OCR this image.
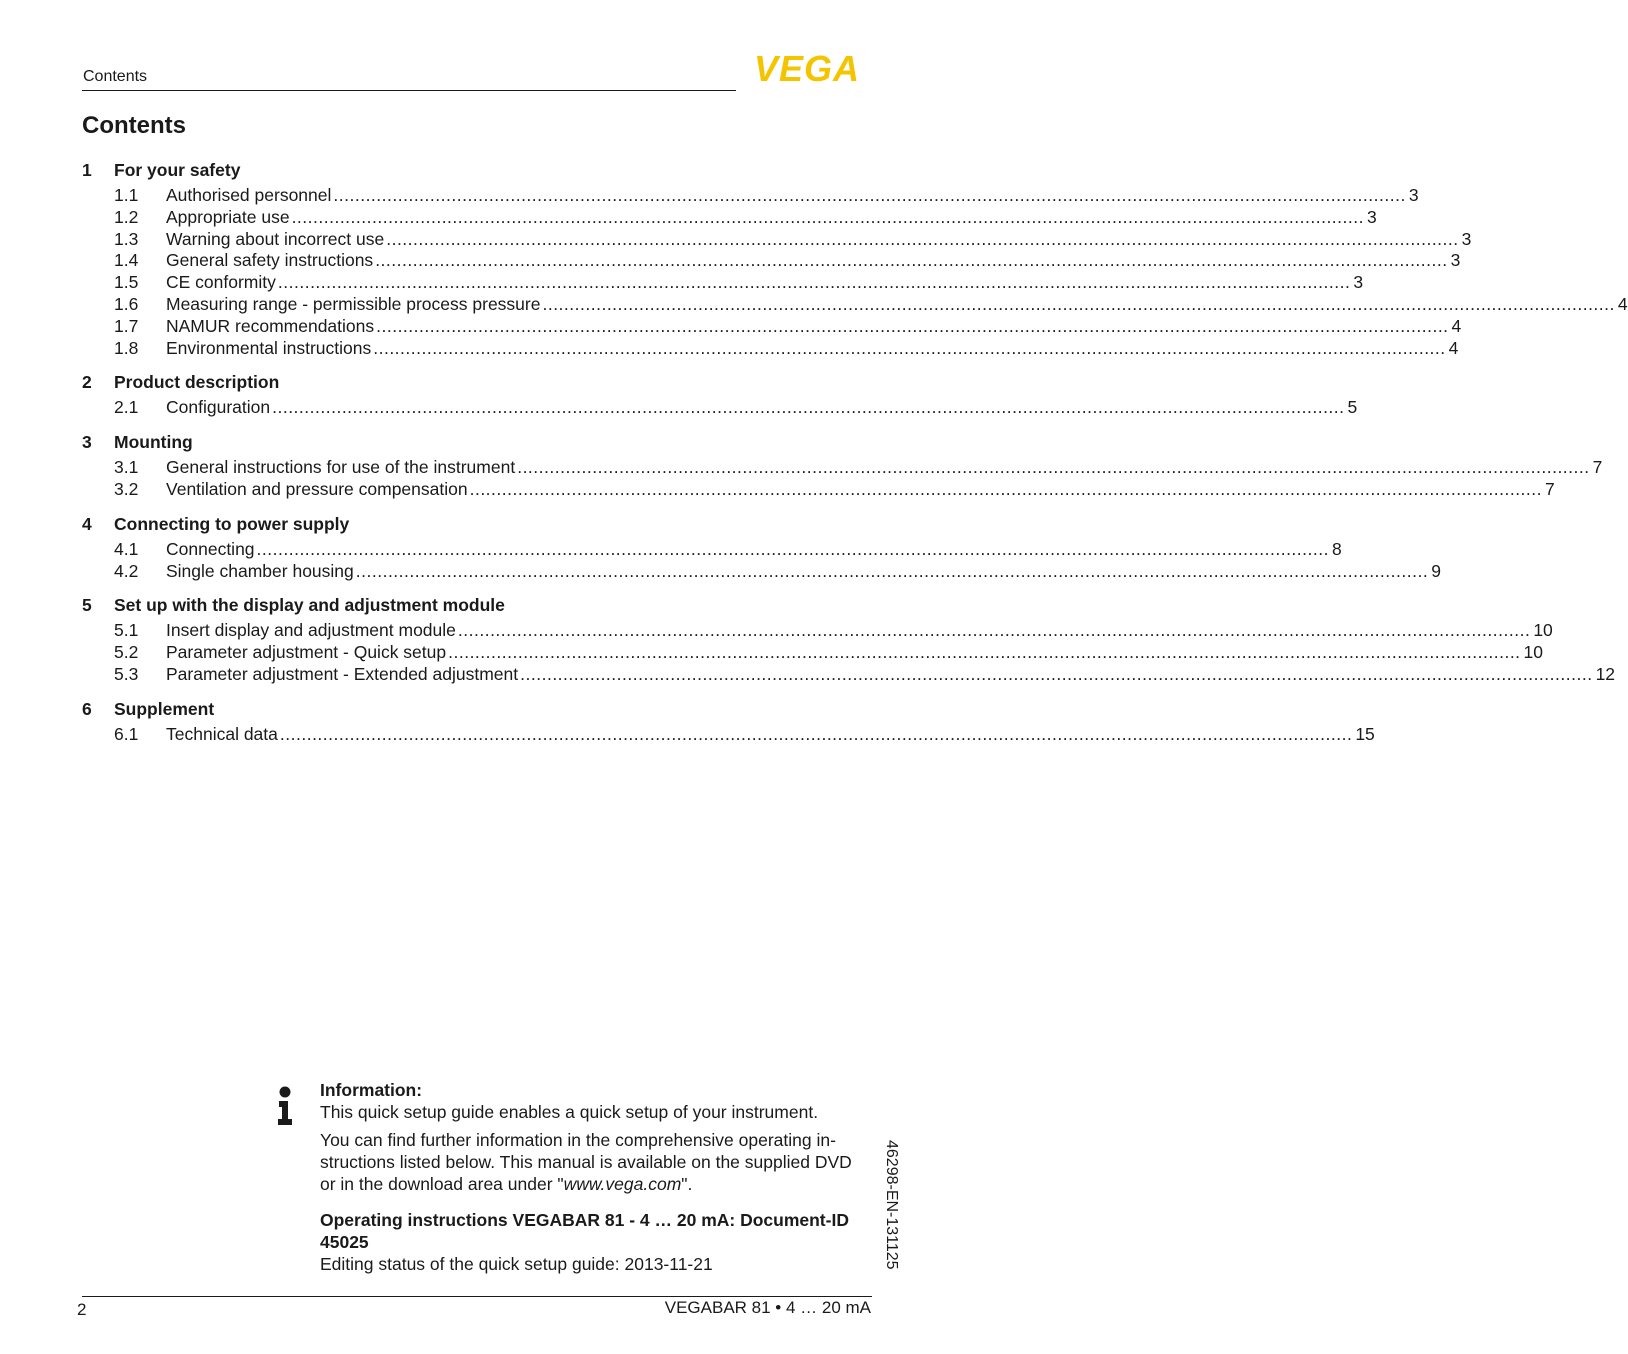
Contents	VEGA
Contents
1 For your safety
1.1	Authorised personnel ........................................................................................................................................................................................................ 3
1.2	Appropriate use ........................................................................................................................................................................................................ 3
1.3	Warning about incorrect use ........................................................................................................................................................................................................ 3
1.4	General safety instructions ........................................................................................................................................................................................................ 3
1.5	CE conformity ........................................................................................................................................................................................................ 3
1.6	Measuring range - permissible process pressure ........................................................................................................................................................................................................ 4
1.7	NAMUR recommendations ........................................................................................................................................................................................................ 4
1.8	Environmental instructions ........................................................................................................................................................................................................ 4
2 Product description
2.1	Configuration ........................................................................................................................................................................................................ 5
3 Mounting
3.1	General instructions for use of the instrument ........................................................................................................................................................................................................ 7
3.2	Ventilation and pressure compensation ........................................................................................................................................................................................................ 7
4 Connecting to power supply
4.1	Connecting ........................................................................................................................................................................................................ 8
4.2	Single chamber housing ........................................................................................................................................................................................................ 9
5 Set up with the display and adjustment module
5.1	Insert display and adjustment module ........................................................................................................................................................................................................ 10
5.2	Parameter adjustment - Quick setup ........................................................................................................................................................................................................ 10
5.3	Parameter adjustment - Extended adjustment ........................................................................................................................................................................................................ 12
6 Supplement
6.1	Technical data ........................................................................................................................................................................................................ 15

Information:

This quick setup guide enables a quick setup of your instrument.

You can find further information in the comprehensive operating in-

structions listed below. This manual is available on the supplied DVD

or in the download area under "www.vega.com".

Operating instructions VEGABAR 81 - 4 … 20 mA: Document-ID

45025

Editing status of the quick setup guide: 2013-11-21	46298-EN-131125
2	VEGABAR 81 • 4 … 20 mA
